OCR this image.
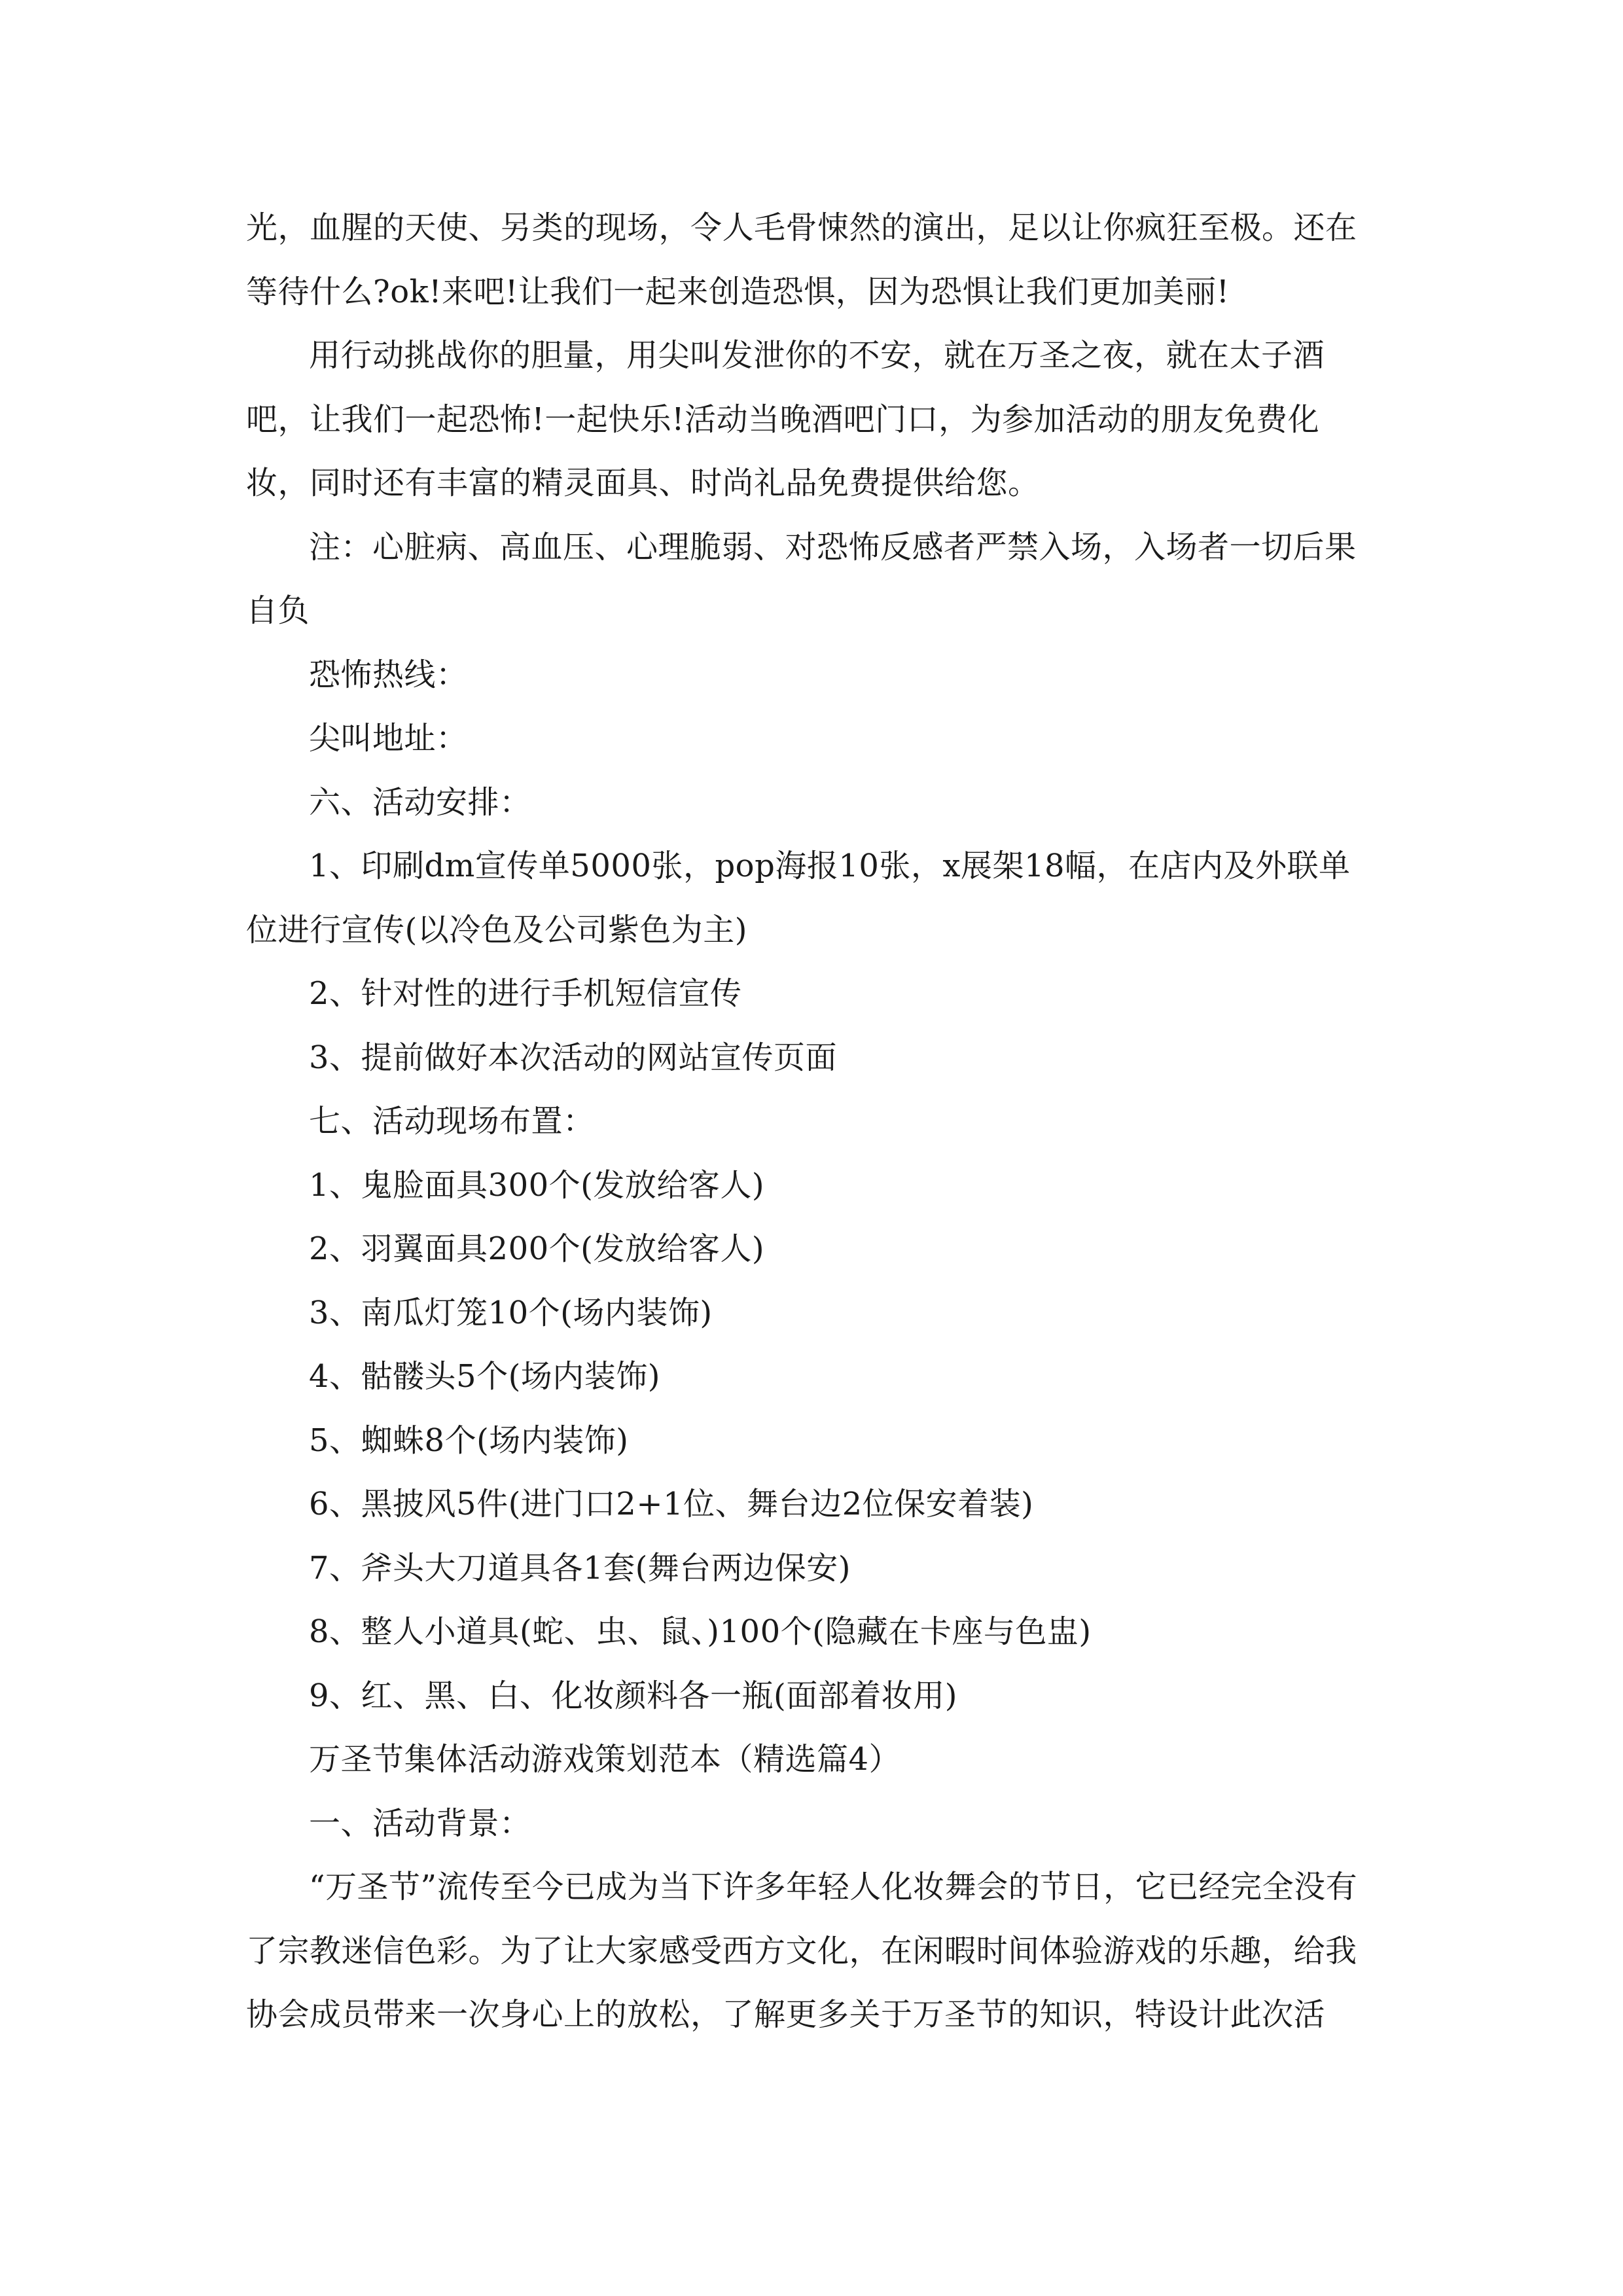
光，血腥的天使、另类的现场，令人毛骨悚然的演出，足以让你疯狂至极。还在等待什么?ok!来吧!让我们一起来创造恐惧，因为恐惧让我们更加美丽!

用行动挑战你的胆量，用尖叫发泄你的不安，就在万圣之夜，就在太子酒吧，让我们一起恐怖!一起快乐!活动当晚酒吧门口，为参加活动的朋友免费化妆，同时还有丰富的精灵面具、时尚礼品免费提供给您。

注：心脏病、高血压、心理脆弱、对恐怖反感者严禁入场，入场者一切后果自负

恐怖热线：

尖叫地址：

六、活动安排：

1、印刷dm宣传单5000张，pop海报10张，x展架18幅，在店内及外联单位进行宣传(以冷色及公司紫色为主)

2、针对性的进行手机短信宣传

3、提前做好本次活动的网站宣传页面

七、活动现场布置：

1、鬼脸面具300个(发放给客人)

2、羽翼面具200个(发放给客人)

3、南瓜灯笼10个(场内装饰)

4、骷髅头5个(场内装饰)

5、蜘蛛8个(场内装饰)

6、黑披风5件(进门口2+1位、舞台边2位保安着装)

7、斧头大刀道具各1套(舞台两边保安)

8、整人小道具(蛇、虫、鼠、)100个(隐藏在卡座与色盅)

9、红、黑、白、化妆颜料各一瓶(面部着妆用)

万圣节集体活动游戏策划范本（精选篇4）

一、活动背景：

“万圣节”流传至今已成为当下许多年轻人化妆舞会的节日，它已经完全没有了宗教迷信色彩。为了让大家感受西方文化，在闲暇时间体验游戏的乐趣，给我协会成员带来一次身心上的放松，了解更多关于万圣节的知识，特设计此次活
